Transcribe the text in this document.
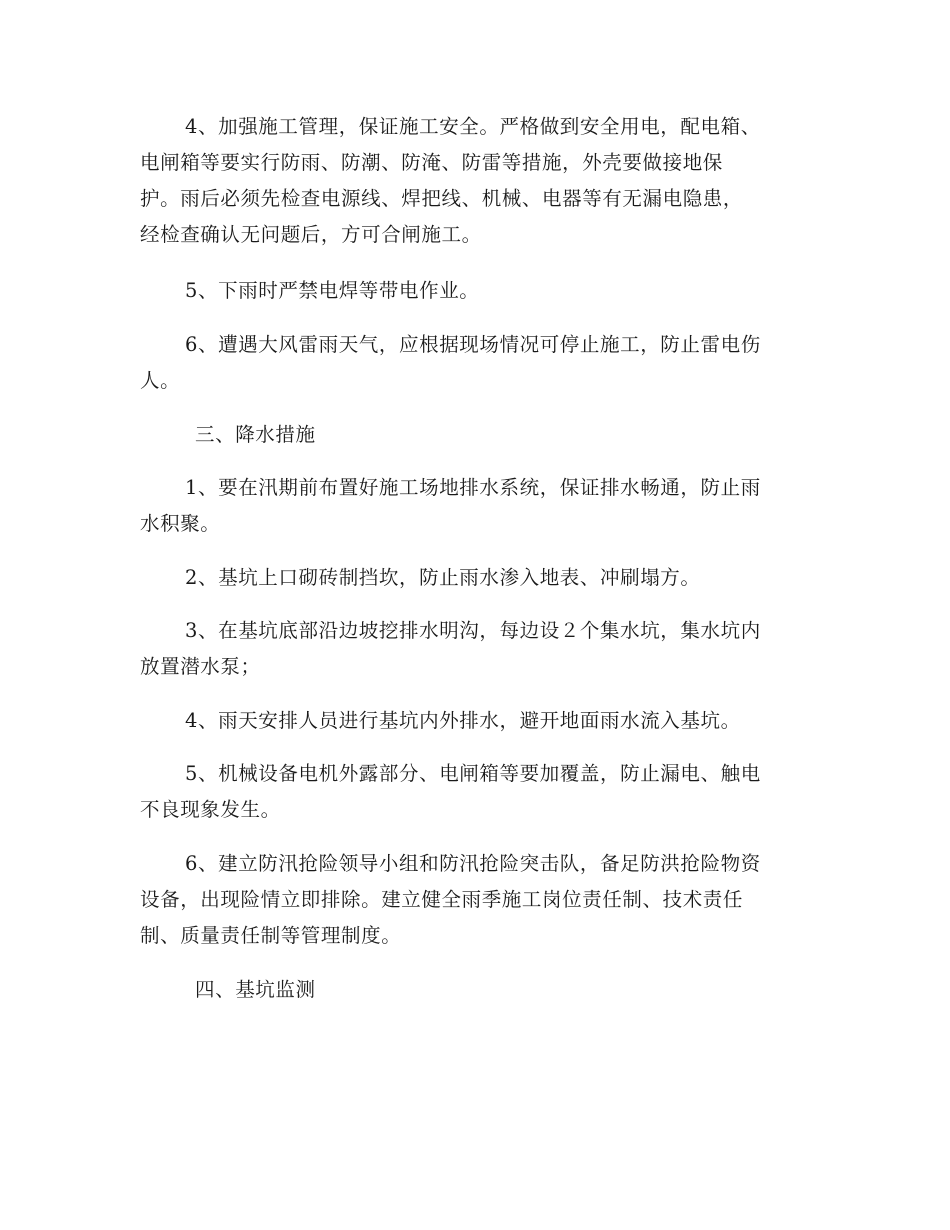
4、加强施工管理，保证施工安全。严格做到安全用电，配电箱、
电闸箱等要实行防雨、防潮、防淹、防雷等措施，外壳要做接地保
护。雨后必须先检查电源线、焊把线、机械、电器等有无漏电隐患，
经检查确认无问题后，方可合闸施工。
5、下雨时严禁电焊等带电作业。
6、遭遇大风雷雨天气，应根据现场情况可停止施工，防止雷电伤
人。
三、降水措施
1、要在汛期前布置好施工场地排水系统，保证排水畅通，防止雨
水积聚。
2、基坑上口砌砖制挡坎，防止雨水渗入地表、冲刷塌方。
3、在基坑底部沿边坡挖排水明沟，每边设２个集水坑，集水坑内
放置潜水泵；
4、雨天安排人员进行基坑内外排水，避开地面雨水流入基坑。
5、机械设备电机外露部分、电闸箱等要加覆盖，防止漏电、触电
不良现象发生。
6、建立防汛抢险领导小组和防汛抢险突击队，备足防洪抢险物资
设备，出现险情立即排除。建立健全雨季施工岗位责任制、技术责任
制、质量责任制等管理制度。
四、基坑监测
